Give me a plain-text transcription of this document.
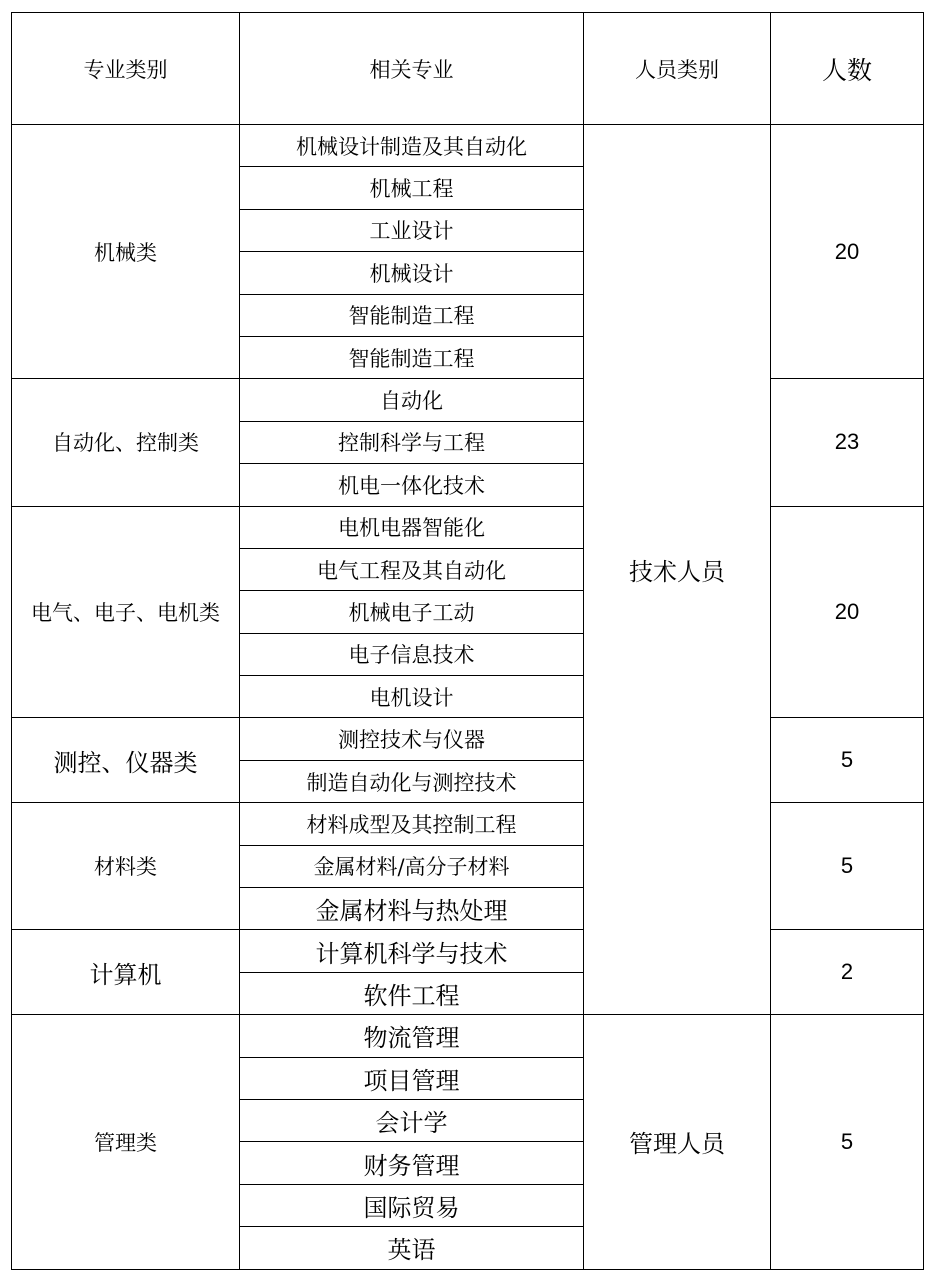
专业类别	相关专业	人员类别	人数
机械类	机械设计制造及其自动化	技术人员	20
	机械工程		
	工业设计		
	机械设计		
	智能制造工程		
	智能制造工程		
自动化、控制类	自动化		23
	控制科学与工程		
	机电一体化技术		
电气、电子、电机类	电机电器智能化		20
	电气工程及其自动化		
	机械电子工动		
	电子信息技术		
	电机设计		
测控、仪器类	测控技术与仪器		5
	制造自动化与测控技术		
材料类	材料成型及其控制工程		5
	金属材料/高分子材料		
	金属材料与热处理		
计算机	计算机科学与技术		2
	软件工程		
管理类	物流管理	管理人员	5
	项目管理		
	会计学		
	财务管理		
	国际贸易		
	英语		
